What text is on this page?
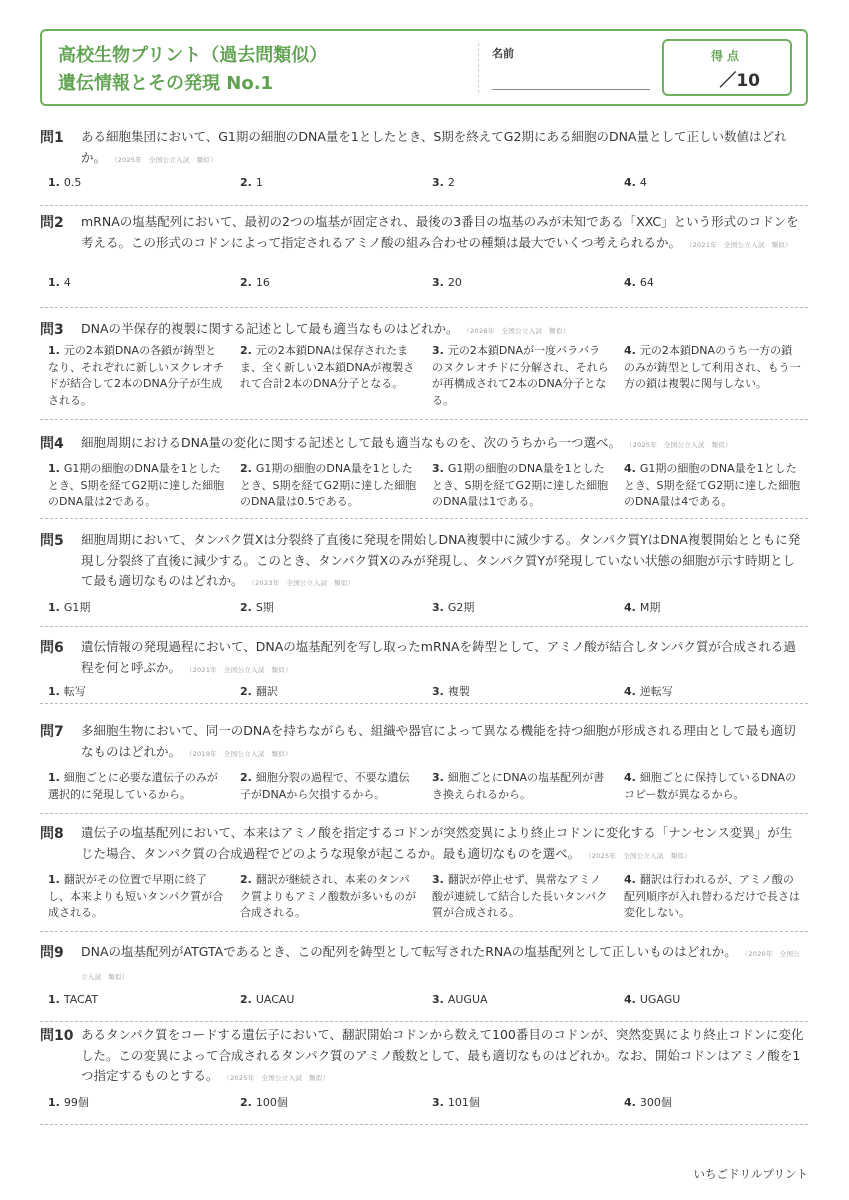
高校生物プリント（過去問類似）
遺伝情報とその発現 No.1
名前	得点
／10
問1 ある細胞集団において、G1期の細胞のDNA量を1としたとき、S期を終えてG2期にある細胞のDNA量として正しい数値はどれか。 （2025年　全国公立入試　類似）
1. 0.5	2. 1	3. 2	4. 4
問2 mRNAの塩基配列において、最初の2つの塩基が固定され、最後の3番目の塩基のみが未知である「XXC」という形式のコドンを考える。この形式のコドンによって指定されるアミノ酸の組み合わせの種類は最大でいくつ考えられるか。 （2021年　全国公立入試　類似）
1. 4	2. 16	3. 20	4. 64
問3 DNAの半保存的複製に関する記述として最も適当なものはどれか。 （2026年　全国公立入試　類似）
1. 元の2本鎖DNAの各鎖が鋳型となり、それぞれに新しいヌクレオチドが結合して2本のDNA分子が生成される。
2. 元の2本鎖DNAは保存されたまま、全く新しい2本鎖DNAが複製されて合計2本のDNA分子となる。
3. 元の2本鎖DNAが一度バラバラのヌクレオチドに分解され、それらが再構成されて2本のDNA分子となる。
4. 元の2本鎖DNAのうち一方の鎖のみが鋳型として利用され、もう一方の鎖は複製に関与しない。
問4 細胞周期におけるDNA量の変化に関する記述として最も適当なものを、次のうちから一つ選べ。 （2025年　全国公立入試　類似）
1. G1期の細胞のDNA量を1としたとき、S期を経てG2期に達した細胞のDNA量は2である。
2. G1期の細胞のDNA量を1としたとき、S期を経てG2期に達した細胞のDNA量は0.5である。
3. G1期の細胞のDNA量を1としたとき、S期を経てG2期に達した細胞のDNA量は1である。
4. G1期の細胞のDNA量を1としたとき、S期を経てG2期に達した細胞のDNA量は4である。
問5 細胞周期において、タンパク質Xは分裂終了直後に発現を開始しDNA複製中に減少する。タンパク質YはDNA複製開始とともに発現し分裂終了直後に減少する。このとき、タンパク質Xのみが発現し、タンパク質Yが発現していない状態の細胞が示す時期として最も適切なものはどれか。 （2023年　全国公立入試　類似）
1. G1期	2. S期	3. G2期	4. M期
問6 遺伝情報の発現過程において、DNAの塩基配列を写し取ったmRNAを鋳型として、アミノ酸が結合しタンパク質が合成される過程を何と呼ぶか。 （2021年　全国公立入試　類似）
1. 転写	2. 翻訳	3. 複製	4. 逆転写
問7 多細胞生物において、同一のDNAを持ちながらも、組織や器官によって異なる機能を持つ細胞が形成される理由として最も適切なものはどれか。 （2019年　全国公立入試　類似）
1. 細胞ごとに必要な遺伝子のみが選択的に発現しているから。
2. 細胞分裂の過程で、不要な遺伝子がDNAから欠損するから。
3. 細胞ごとにDNAの塩基配列が書き換えられるから。
4. 細胞ごとに保持しているDNAのコピー数が異なるから。
問8 遺伝子の塩基配列において、本来はアミノ酸を指定するコドンが突然変異により終止コドンに変化する「ナンセンス変異」が生じた場合、タンパク質の合成過程でどのような現象が起こるか。最も適切なものを選べ。 （2025年　全国公立入試　類似）
1. 翻訳がその位置で早期に終了し、本来よりも短いタンパク質が合成される。
2. 翻訳が継続され、本来のタンパク質よりもアミノ酸数が多いものが合成される。
3. 翻訳が停止せず、異常なアミノ酸が連続して結合した長いタンパク質が合成される。
4. 翻訳は行われるが、アミノ酸の配列順序が入れ替わるだけで長さは変化しない。
問9 DNAの塩基配列がATGTAであるとき、この配列を鋳型として転写されたRNAの塩基配列として正しいものはどれか。 （2020年　全国公立入試　類似）
1. TACAT	2. UACAU	3. AUGUA	4. UGAGU
問10 あるタンパク質をコードする遺伝子において、翻訳開始コドンから数えて100番目のコドンが、突然変異により終止コドンに変化した。この変異によって合成されるタンパク質のアミノ酸数として、最も適切なものはどれか。なお、開始コドンはアミノ酸を1つ指定するものとする。 （2025年　全国公立入試　類似）
1. 99個	2. 100個	3. 101個	4. 300個
いちごドリルプリント
